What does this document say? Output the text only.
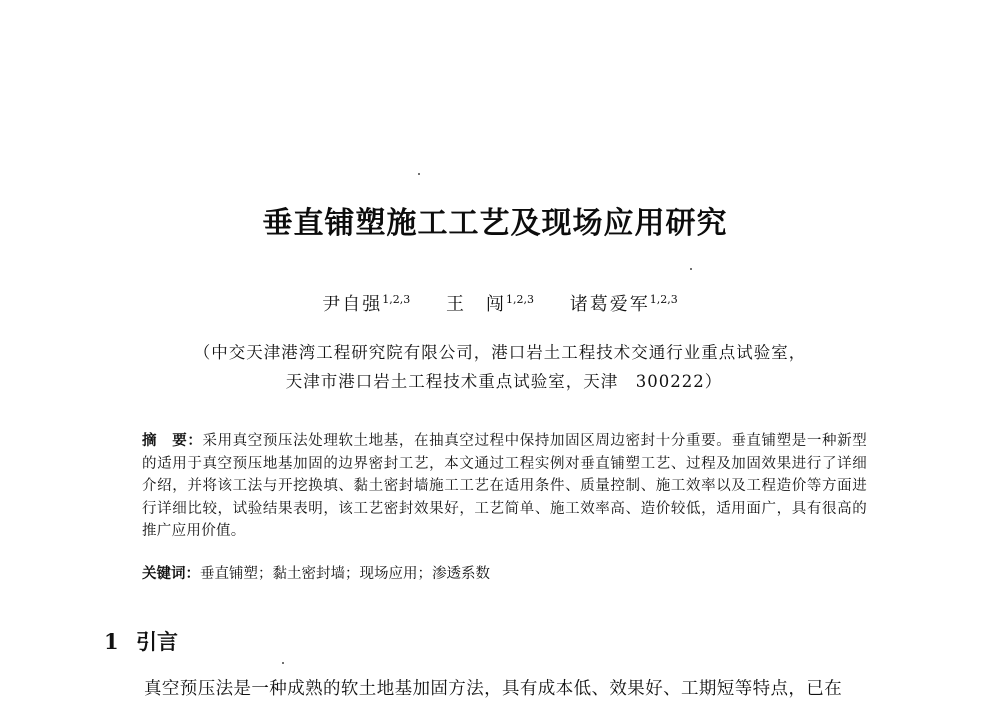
垂直铺塑施工工艺及现场应用研究
尹自强$^{1,2,3}$ 王　闯$^{1,2,3}$ 诸葛爱军$^{1,2,3}$
（中交天津港湾工程研究院有限公司，港口岩土工程技术交通行业重点试验室，
天津市港口岩土工程技术重点试验室，天津　300222）
摘　要：采用真空预压法处理软土地基，在抽真空过程中保持加固区周边密封十分重要。垂直铺塑是一种新型的适用于真空预压地基加固的边界密封工艺，本文通过工程实例对垂直铺塑工艺、过程及加固效果进行了详细介绍，并将该工法与开挖换填、黏土密封墙施工工艺在适用条件、质量控制、施工效率以及工程造价等方面进行详细比较，试验结果表明，该工艺密封效果好，工艺简单、施工效率高、造价较低，适用面广，具有很高的推广应用价值。
关键词：垂直铺塑；黏土密封墙；现场应用；渗透系数
1 引言
真空预压法是一种成熟的软土地基加固方法，具有成本低、效果好、工期短等特点，已在
